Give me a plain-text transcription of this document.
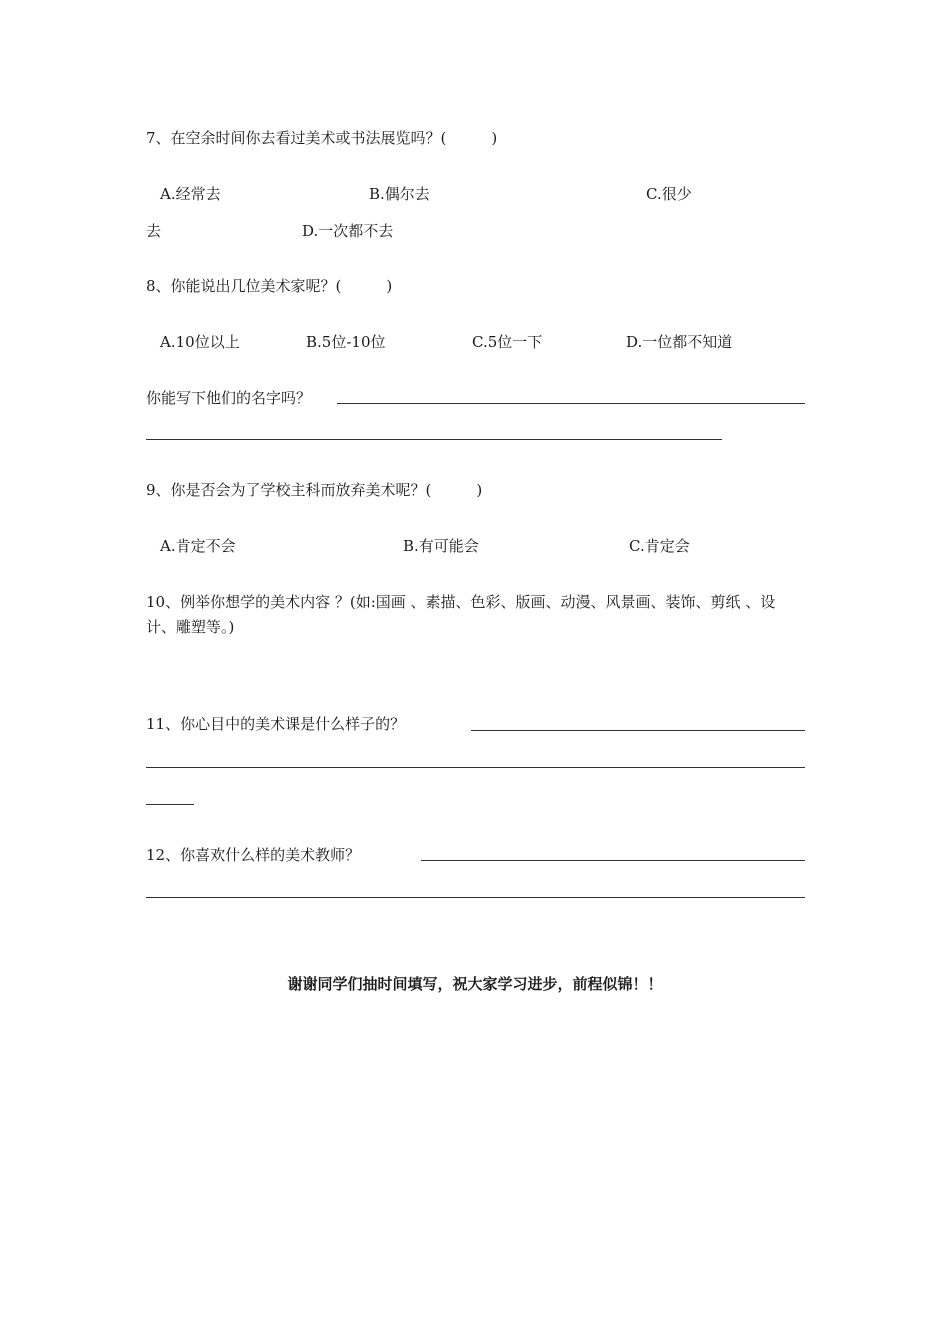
7、在空余时间你去看过美术或书法展览吗？(　　　)
A.经常去	B.偶尔去	C.很少
去	D.一次都不去
8、你能说出几位美术家呢？(　　　)
A.10位以上	B.5位-10位	C.5位一下	D.一位都不知道
你能写下他们的名字吗？
9、你是否会为了学校主科而放弃美术呢？(　　　)
A.肯定不会	B.有可能会	C.肯定会
10、例举你想学的美术内容 ？(如:国画 、素描、色彩、版画、动漫、风景画、装饰、剪纸 、设
计、雕塑等。)
11、你心目中的美术课是什么样子的？
12、你喜欢什么样的美术教师？
谢谢同学们抽时间填写，祝大家学习进步，前程似锦！！
